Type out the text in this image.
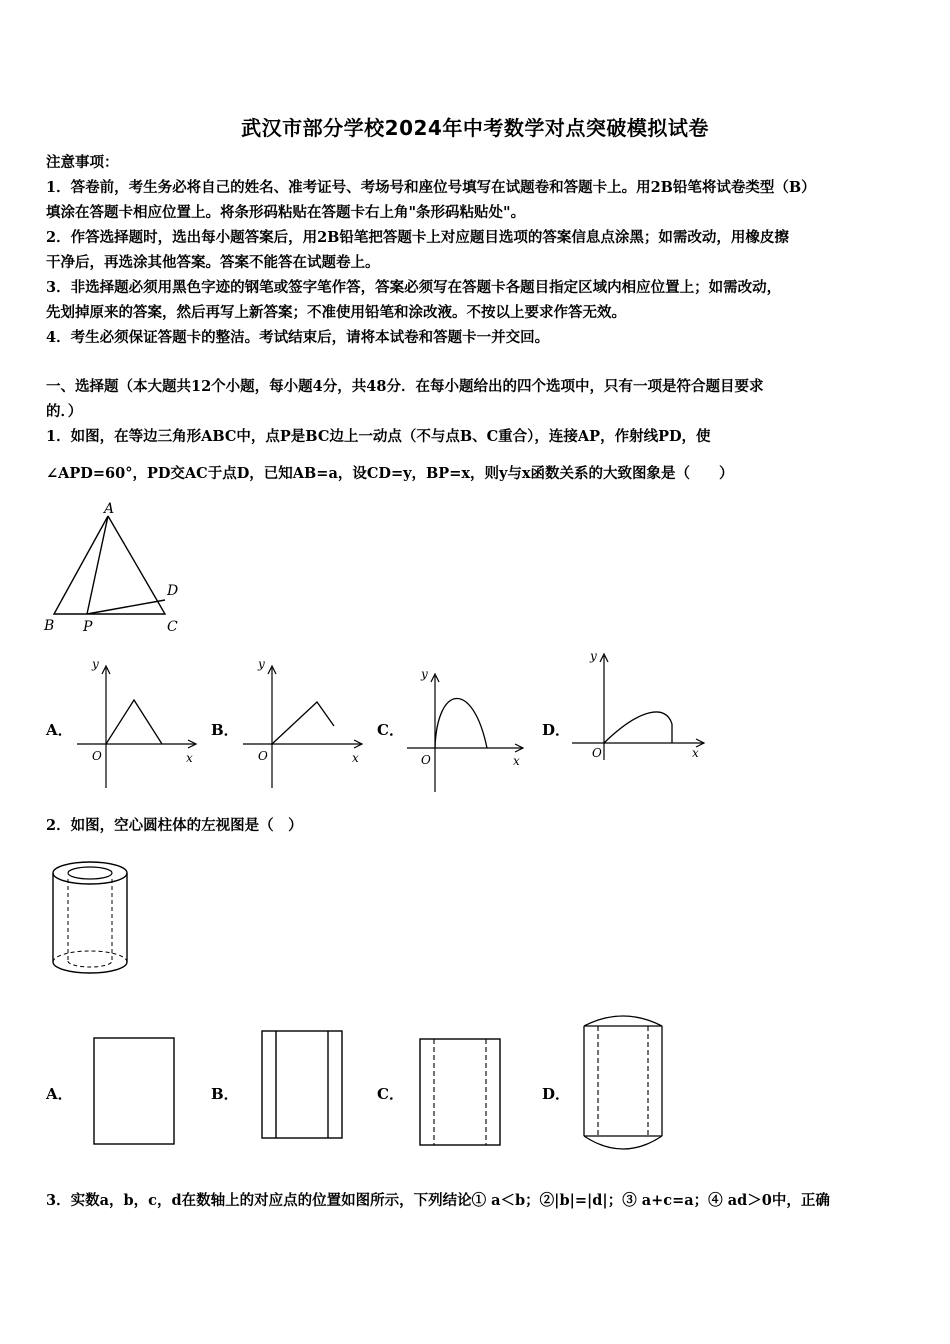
武汉市部分学校2024年中考数学对点突破模拟试卷
注意事项：
1．答卷前，考生务必将自己的姓名、准考证号、考场号和座位号填写在试题卷和答题卡上。用2B铅笔将试卷类型（B）
填涂在答题卡相应位置上。将条形码粘贴在答题卡右上角"条形码粘贴处"。
2．作答选择题时，选出每小题答案后，用2B铅笔把答题卡上对应题目选项的答案信息点涂黑；如需改动，用橡皮擦
干净后，再选涂其他答案。答案不能答在试题卷上。
3．非选择题必须用黑色字迹的钢笔或签字笔作答，答案必须写在答题卡各题目指定区域内相应位置上；如需改动，
先划掉原来的答案，然后再写上新答案；不准使用铅笔和涂改液。不按以上要求作答无效。
4．考生必须保证答题卡的整洁。考试结束后，请将本试卷和答题卡一并交回。
一、选择题（本大题共12个小题，每小题4分，共48分．在每小题给出的四个选项中，只有一项是符合题目要求
的．）
1．如图，在等边三角形ABC中，点P是BC边上一动点（不与点B、C重合），连接AP，作射线PD，使
∠APD=60°，PD交AC于点D，已知AB=a，设CD=y，BP=x，则y与x函数关系的大致图象是（　　）
A
B P	C
D
A．
y
x
O
B．
y
x
O
C．
y
x
O
D．
y
x
O
2．如图，空心圆柱体的左视图是（　）
A．	B．	C．	D．
3．实数a，b，c，d在数轴上的对应点的位置如图所示，下列结论① a＜b；②|b|=|d|；③ a+c=a；④ ad＞0中，正确
